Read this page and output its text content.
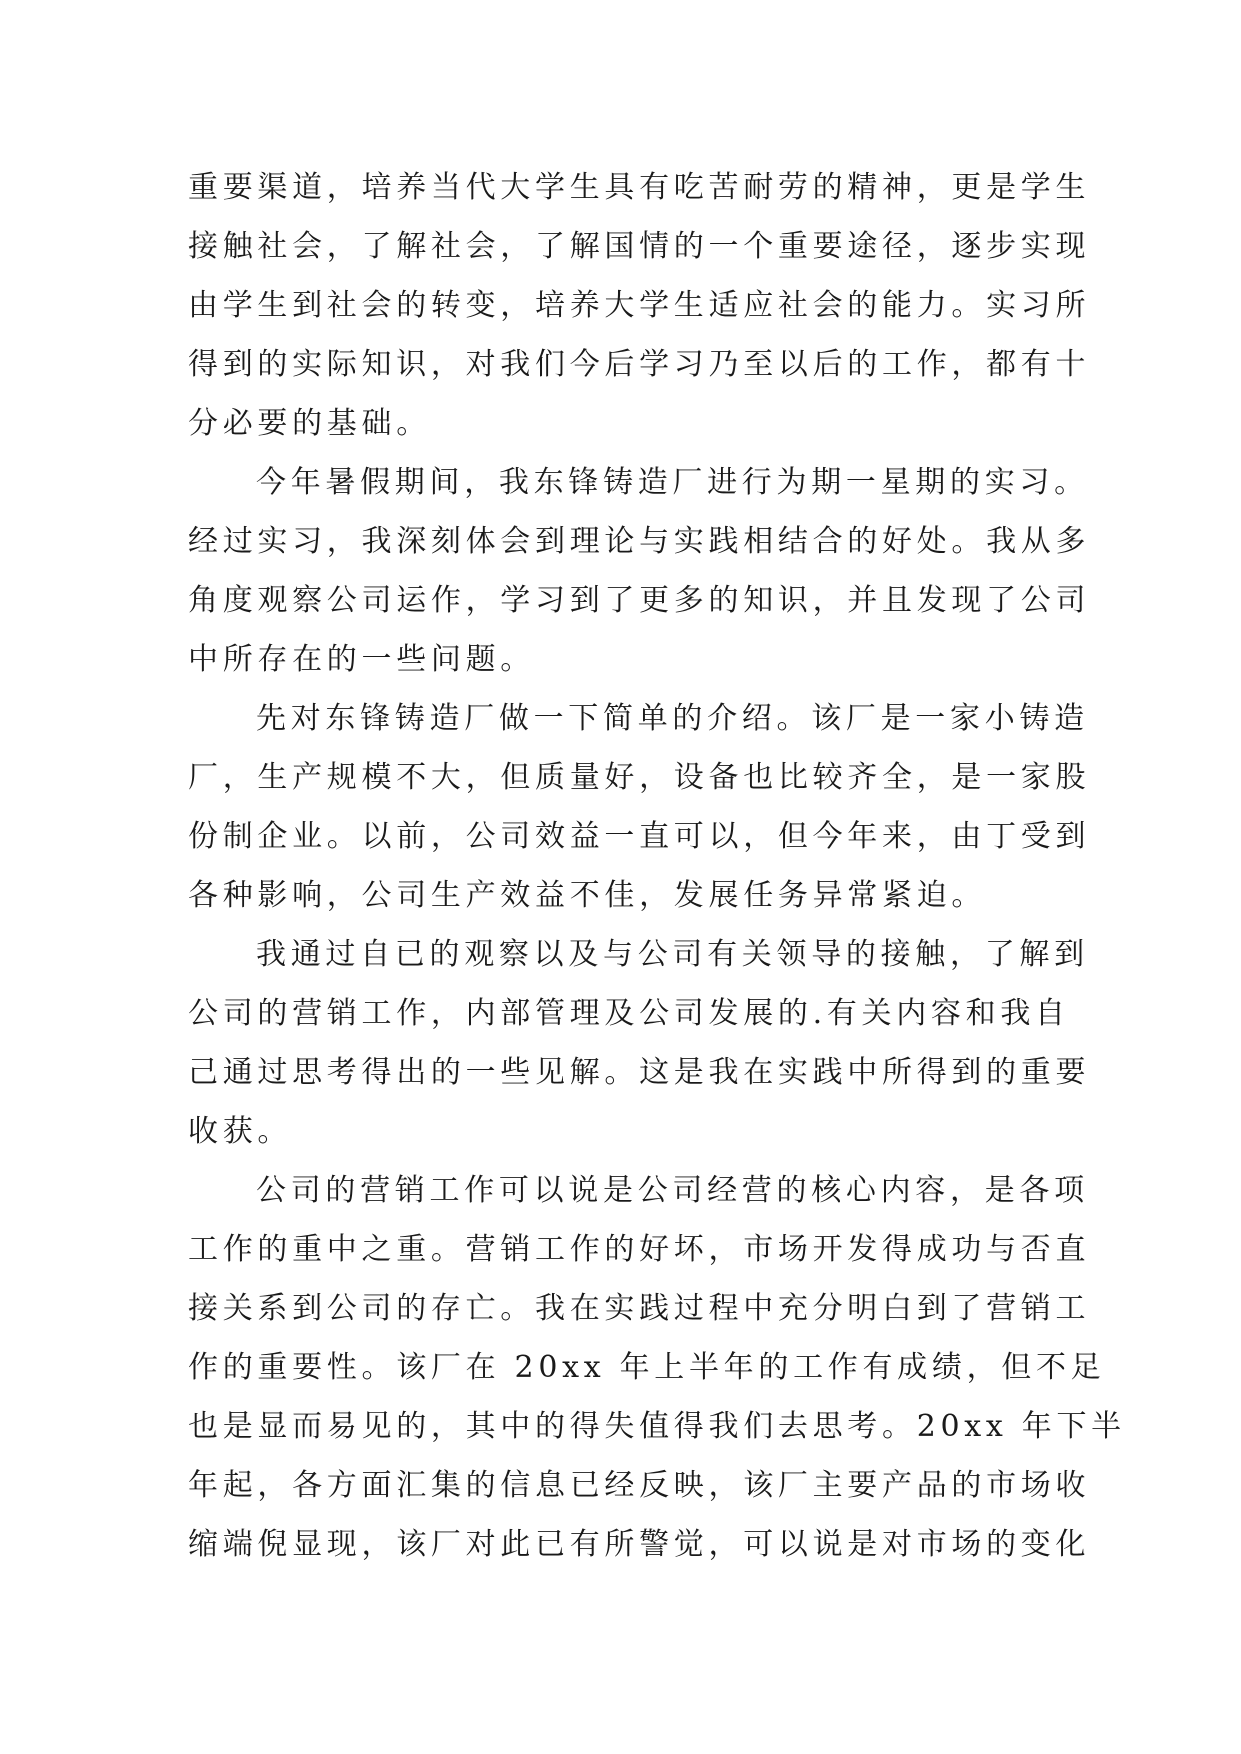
重要渠道，培养当代大学生具有吃苦耐劳的精神，更是学生
接触社会，了解社会，了解国情的一个重要途径，逐步实现
由学生到社会的转变，培养大学生适应社会的能力。实习所
得到的实际知识，对我们今后学习乃至以后的工作，都有十
分必要的基础。
今年暑假期间，我东锋铸造厂进行为期一星期的实习。
经过实习，我深刻体会到理论与实践相结合的好处。我从多
角度观察公司运作，学习到了更多的知识，并且发现了公司
中所存在的一些问题。
先对东锋铸造厂做一下简单的介绍。该厂是一家小铸造
厂，生产规模不大，但质量好，设备也比较齐全，是一家股
份制企业。以前，公司效益一直可以，但今年来，由丁受到
各种影响，公司生产效益不佳，发展任务异常紧迫。
我通过自已的观察以及与公司有关领导的接触，了解到
公司的营销工作，内部管理及公司发展的.有关内容和我自
己通过思考得出的一些见解。这是我在实践中所得到的重要
收获。
公司的营销工作可以说是公司经营的核心内容，是各项
工作的重中之重。营销工作的好坏，市场开发得成功与否直
接关系到公司的存亡。我在实践过程中充分明白到了营销工
作的重要性。该厂在 20xx 年上半年的工作有成绩，但不足
也是显而易见的，其中的得失值得我们去思考。20xx 年下半
年起，各方面汇集的信息已经反映，该厂主要产品的市场收
缩端倪显现，该厂对此已有所警觉，可以说是对市场的变化
